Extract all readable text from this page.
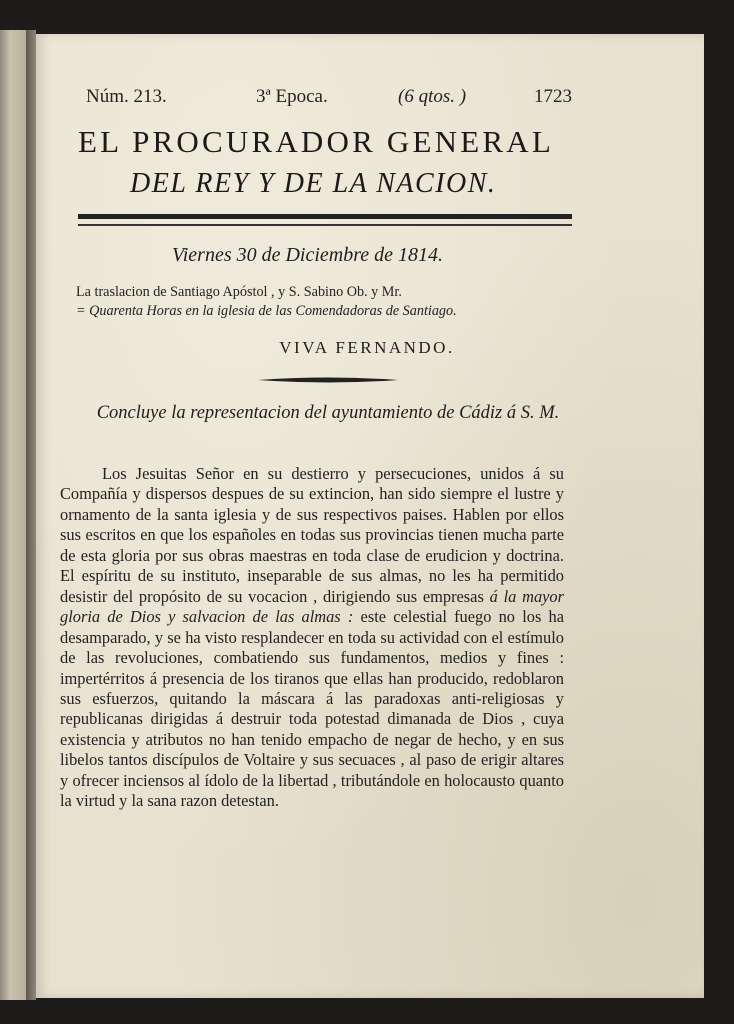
Núm. 213.	3ª Epoca.	(6 qtos. )	1723
EL PROCURADOR GENERAL
DEL REY Y DE LA NACION.
Viernes 30 de Diciembre de 1814.
La traslacion de Santiago Apóstol , y S. Sabino Ob. y Mr.
= Quarenta Horas en la iglesia de las Comendadoras de Santiago.
VIVA FERNANDO.
Concluye la representacion del ayuntamiento de Cádiz á S. M.

Los Jesuitas Señor en su destierro y persecuciones, unidos á su Compañía y dispersos despues de su extincion, han sido siempre el lustre y ornamento de la santa iglesia y de sus respectivos paises. Hablen por ellos sus escritos en que los españoles en todas sus provincias tienen mucha parte de esta gloria por sus obras maestras en toda clase de erudicion y doctrina. El espíritu de su instituto, inseparable de sus almas, no les ha permitido desistir del propósito de su vocacion , dirigiendo sus empresas á la mayor gloria de Dios y salvacion de las almas : este celestial fuego no los ha desamparado, y se ha visto resplandecer en toda su actividad con el estímulo de las revoluciones, combatiendo sus fundamentos, medios y fines : impertérritos á presencia de los tiranos que ellas han producido, redoblaron sus esfuerzos, quitando la máscara á las paradoxas anti-religiosas y republicanas dirigidas á destruir toda potestad dimanada de Dios , cuya existencia y atributos no han tenido empacho de negar de hecho, y en sus libelos tantos discípulos de Voltaire y sus secuaces , al paso de erigir altares y ofrecer inciensos al ídolo de la libertad , tributándole en holocausto quanto la virtud y la sana razon detestan.
